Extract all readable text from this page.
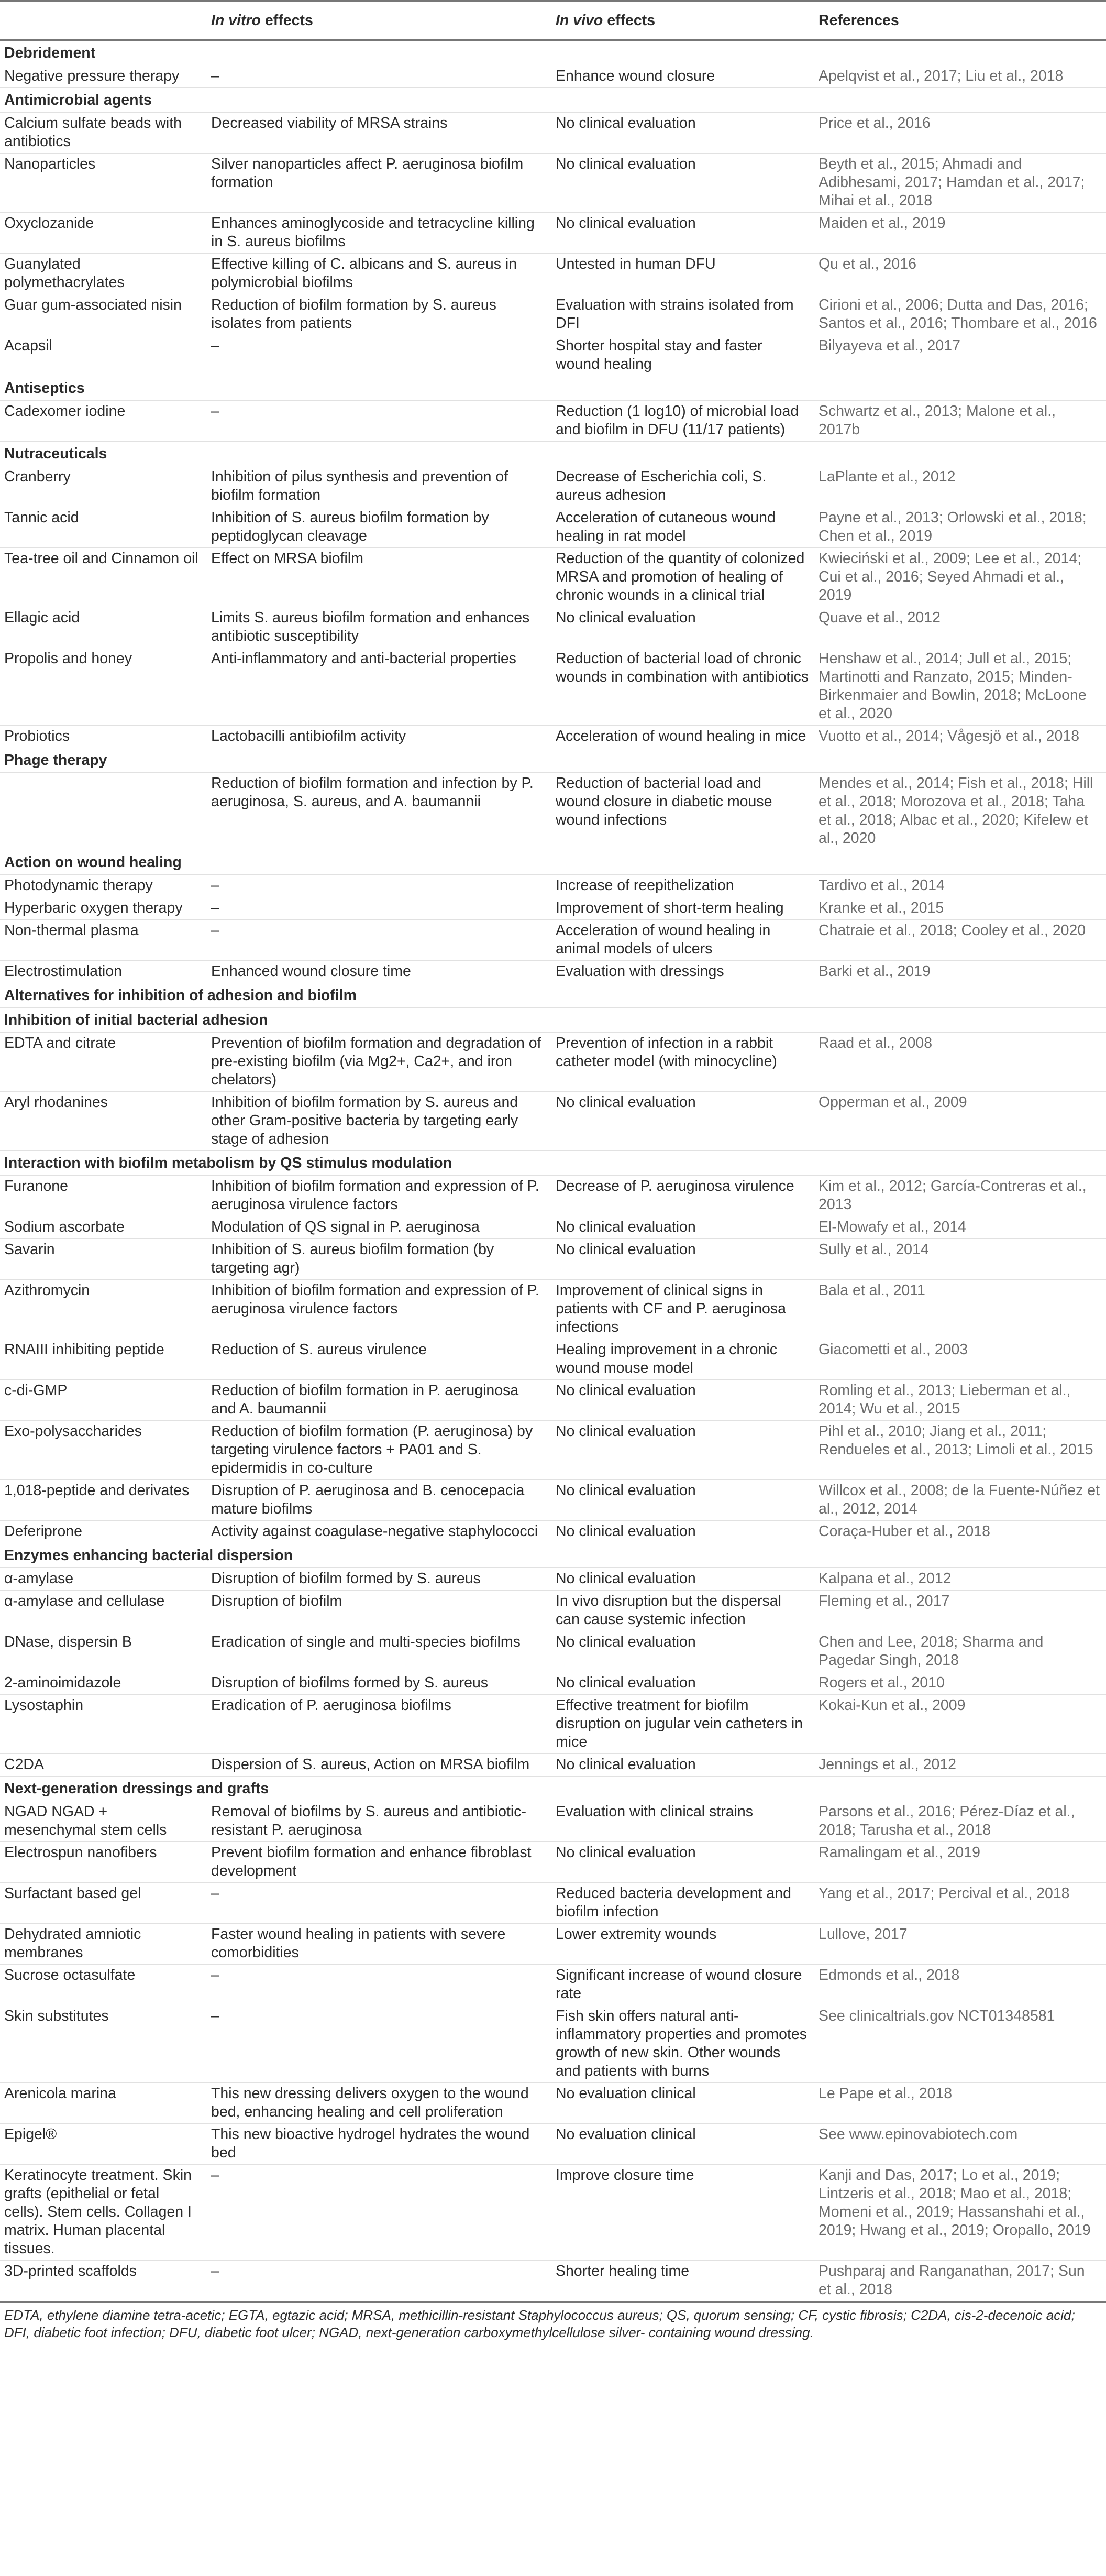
	In vitro effects	In vivo effects	References
Debridement			
Negative pressure therapy	–	Enhance wound closure	Apelqvist et al., 2017; Liu et al., 2018
Antimicrobial agents			
Calcium sulfate beads with antibiotics	Decreased viability of MRSA strains	No clinical evaluation	Price et al., 2016
Nanoparticles	Silver nanoparticles affect P. aeruginosa biofilm formation	No clinical evaluation	Beyth et al., 2015; Ahmadi and Adibhesami, 2017; Hamdan et al., 2017; Mihai et al., 2018
Oxyclozanide	Enhances aminoglycoside and tetracycline killing in S. aureus biofilms	No clinical evaluation	Maiden et al., 2019
Guanylated polymethacrylates	Effective killing of C. albicans and S. aureus in polymicrobial biofilms	Untested in human DFU	Qu et al., 2016
Guar gum-associated nisin	Reduction of biofilm formation by S. aureus isolates from patients	Evaluation with strains isolated from DFI	Cirioni et al., 2006; Dutta and Das, 2016; Santos et al., 2016; Thombare et al., 2016
Acapsil	–	Shorter hospital stay and faster wound healing	Bilyayeva et al., 2017
Antiseptics			
Cadexomer iodine	–	Reduction (1 log10) of microbial load and biofilm in DFU (11/17 patients)	Schwartz et al., 2013; Malone et al., 2017b
Nutraceuticals			
Cranberry	Inhibition of pilus synthesis and prevention of biofilm formation	Decrease of Escherichia coli, S. aureus adhesion	LaPlante et al., 2012
Tannic acid	Inhibition of S. aureus biofilm formation by peptidoglycan cleavage	Acceleration of cutaneous wound healing in rat model	Payne et al., 2013; Orlowski et al., 2018; Chen et al., 2019
Tea-tree oil and Cinnamon oil	Effect on MRSA biofilm	Reduction of the quantity of colonized MRSA and promotion of healing of chronic wounds in a clinical trial	Kwieciński et al., 2009; Lee et al., 2014; Cui et al., 2016; Seyed Ahmadi et al., 2019
Ellagic acid	Limits S. aureus biofilm formation and enhances antibiotic susceptibility	No clinical evaluation	Quave et al., 2012
Propolis and honey	Anti-inflammatory and anti-bacterial properties	Reduction of bacterial load of chronic wounds in combination with antibiotics	Henshaw et al., 2014; Jull et al., 2015; Martinotti and Ranzato, 2015; Minden-Birkenmaier and Bowlin, 2018; McLoone et al., 2020
Probiotics	Lactobacilli antibiofilm activity	Acceleration of wound healing in mice	Vuotto et al., 2014; Vågesjö et al., 2018
Phage therapy			
	Reduction of biofilm formation and infection by P. aeruginosa, S. aureus, and A. baumannii	Reduction of bacterial load and wound closure in diabetic mouse wound infections	Mendes et al., 2014; Fish et al., 2018; Hill et al., 2018; Morozova et al., 2018; Taha et al., 2018; Albac et al., 2020; Kifelew et al., 2020
Action on wound healing			
Photodynamic therapy	–	Increase of reepithelization	Tardivo et al., 2014
Hyperbaric oxygen therapy	–	Improvement of short-term healing	Kranke et al., 2015
Non-thermal plasma	–	Acceleration of wound healing in animal models of ulcers	Chatraie et al., 2018; Cooley et al., 2020
Electrostimulation	Enhanced wound closure time	Evaluation with dressings	Barki et al., 2019
Alternatives for inhibition of adhesion and biofilm			
Inhibition of initial bacterial adhesion			
EDTA and citrate	Prevention of biofilm formation and degradation of pre-existing biofilm (via Mg2+, Ca2+, and iron chelators)	Prevention of infection in a rabbit catheter model (with minocycline)	Raad et al., 2008
Aryl rhodanines	Inhibition of biofilm formation by S. aureus and other Gram-positive bacteria by targeting early stage of adhesion	No clinical evaluation	Opperman et al., 2009
Interaction with biofilm metabolism by QS stimulus modulation			
Furanone	Inhibition of biofilm formation and expression of P. aeruginosa virulence factors	Decrease of P. aeruginosa virulence	Kim et al., 2012; García-Contreras et al., 2013
Sodium ascorbate	Modulation of QS signal in P. aeruginosa	No clinical evaluation	El-Mowafy et al., 2014
Savarin	Inhibition of S. aureus biofilm formation (by targeting agr)	No clinical evaluation	Sully et al., 2014
Azithromycin	Inhibition of biofilm formation and expression of P. aeruginosa virulence factors	Improvement of clinical signs in patients with CF and P. aeruginosa infections	Bala et al., 2011
RNAIII inhibiting peptide	Reduction of S. aureus virulence	Healing improvement in a chronic wound mouse model	Giacometti et al., 2003
c-di-GMP	Reduction of biofilm formation in P. aeruginosa and A. baumannii	No clinical evaluation	Romling et al., 2013; Lieberman et al., 2014; Wu et al., 2015
Exo-polysaccharides	Reduction of biofilm formation (P. aeruginosa) by targeting virulence factors + PA01 and S. epidermidis in co-culture	No clinical evaluation	Pihl et al., 2010; Jiang et al., 2011; Rendueles et al., 2013; Limoli et al., 2015
1,018-peptide and derivates	Disruption of P. aeruginosa and B. cenocepacia mature biofilms	No clinical evaluation	Willcox et al., 2008; de la Fuente-Núñez et al., 2012, 2014
Deferiprone	Activity against coagulase-negative staphylococci	No clinical evaluation	Coraça-Huber et al., 2018
Enzymes enhancing bacterial dispersion			
α-amylase	Disruption of biofilm formed by S. aureus	No clinical evaluation	Kalpana et al., 2012
α-amylase and cellulase	Disruption of biofilm	In vivo disruption but the dispersal can cause systemic infection	Fleming et al., 2017
DNase, dispersin B	Eradication of single and multi-species biofilms	No clinical evaluation	Chen and Lee, 2018; Sharma and Pagedar Singh, 2018
2-aminoimidazole	Disruption of biofilms formed by S. aureus	No clinical evaluation	Rogers et al., 2010
Lysostaphin	Eradication of P. aeruginosa biofilms	Effective treatment for biofilm disruption on jugular vein catheters in mice	Kokai-Kun et al., 2009
C2DA	Dispersion of S. aureus, Action on MRSA biofilm	No clinical evaluation	Jennings et al., 2012
Next-generation dressings and grafts			
NGAD NGAD + mesenchymal stem cells	Removal of biofilms by S. aureus and antibiotic-resistant P. aeruginosa	Evaluation with clinical strains	Parsons et al., 2016; Pérez-Díaz et al., 2018; Tarusha et al., 2018
Electrospun nanofibers	Prevent biofilm formation and enhance fibroblast development	No clinical evaluation	Ramalingam et al., 2019
Surfactant based gel	–	Reduced bacteria development and biofilm infection	Yang et al., 2017; Percival et al., 2018
Dehydrated amniotic membranes	Faster wound healing in patients with severe comorbidities	Lower extremity wounds	Lullove, 2017
Sucrose octasulfate	–	Significant increase of wound closure rate	Edmonds et al., 2018
Skin substitutes	–	Fish skin offers natural anti-inflammatory properties and promotes growth of new skin. Other wounds and patients with burns	See clinicaltrials.gov NCT01348581
Arenicola marina	This new dressing delivers oxygen to the wound bed, enhancing healing and cell proliferation	No evaluation clinical	Le Pape et al., 2018
Epigel®	This new bioactive hydrogel hydrates the wound bed	No evaluation clinical	See www.epinovabiotech.com
Keratinocyte treatment. Skin grafts (epithelial or fetal cells). Stem cells. Collagen I matrix. Human placental tissues.	–	Improve closure time	Kanji and Das, 2017; Lo et al., 2019; Lintzeris et al., 2018; Mao et al., 2018; Momeni et al., 2019; Hassanshahi et al., 2019; Hwang et al., 2019; Oropallo, 2019
3D-printed scaffolds	–	Shorter healing time	Pushparaj and Ranganathan, 2017; Sun et al., 2018
EDTA, ethylene diamine tetra-acetic; EGTA, egtazic acid; MRSA, methicillin-resistant Staphylococcus aureus; QS, quorum sensing; CF, cystic fibrosis; C2DA, cis-2-decenoic acid; DFI, diabetic foot infection; DFU, diabetic foot ulcer; NGAD, next-generation carboxymethylcellulose silver- containing wound dressing.
